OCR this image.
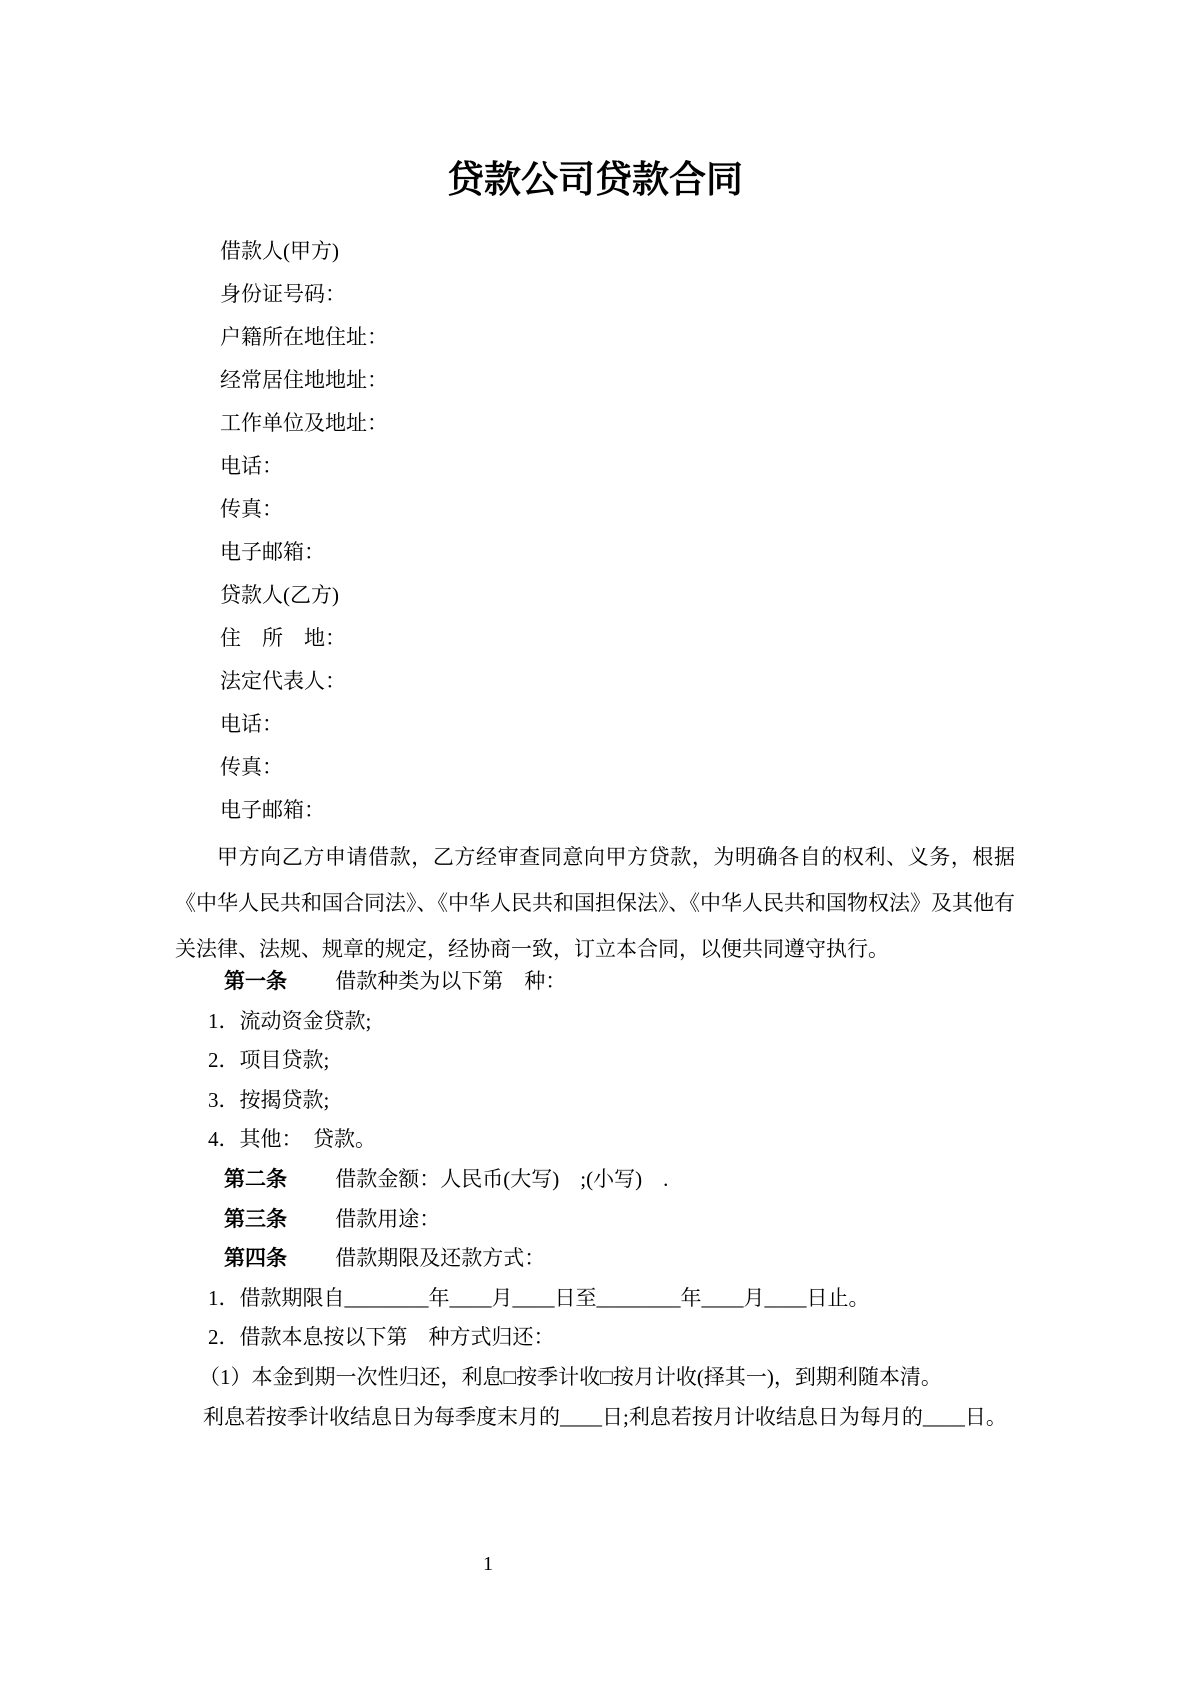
贷款公司贷款合同
借款人(甲方)
身份证号码：
户籍所在地住址：
经常居住地地址：
工作单位及地址：
电话：
传真：
电子邮箱：
贷款人(乙方)
住　所　地：
法定代表人：
电话：
传真：
电子邮箱：

甲方向乙方申请借款，乙方经审查同意向甲方贷款，为明确各自的权利、义务，根据《中华人民共和国合同法》、《中华人民共和国担保法》、《中华人民共和国物权法》及其他有关法律、法规、规章的规定，经协商一致，订立本合同，以便共同遵守执行。

第一条 借款种类为以下第　种：
1．流动资金贷款;
2．项目贷款;
3．按揭贷款;
4．其他：　贷款。
第二条 借款金额：人民币(大写)　;(小写)　.
第三条 借款用途：
第四条 借款期限及还款方式：
1．借款期限自________年____月____日至________年____月____日止。
2．借款本息按以下第　种方式归还：
（1）本金到期一次性归还，利息□按季计收□按月计收(择其一)，到期利随本清。
利息若按季计收结息日为每季度末月的____日;利息若按月计收结息日为每月的____日。
1
